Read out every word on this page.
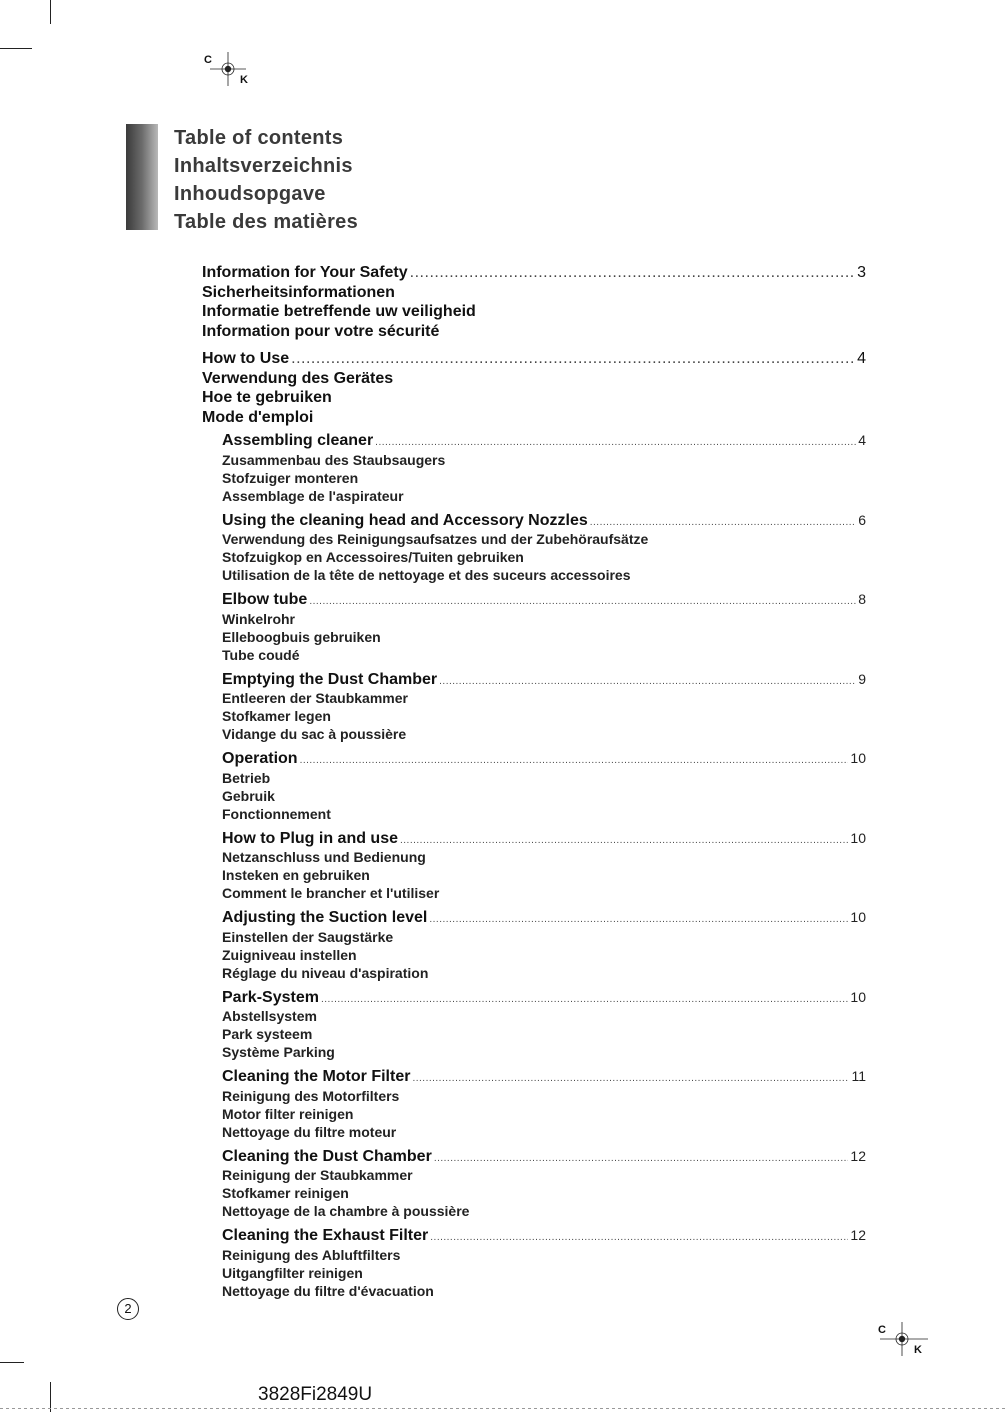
C
K
C
K
Table of contents
Inhaltsverzeichnis
Inhoudsopgave
Table des matières
Information for Your Safety .....	3
Sicherheitsinformationen
Informatie betreffende uw veiligheid
Information pour votre sécurité
How to Use .....	4
Verwendung des Gerätes
Hoe te gebruiken
Mode d'emploi
Assembling cleaner .....	4
Zusammenbau des Staubsaugers
Stofzuiger monteren
Assemblage de l'aspirateur
Using the cleaning head and Accessory Nozzles .....	6
Verwendung des Reinigungsaufsatzes und der Zubehöraufsätze
Stofzuigkop en Accessoires/Tuiten gebruiken
Utilisation de la tête de nettoyage et des suceurs accessoires
Elbow tube .....	8
Winkelrohr
Elleboogbuis gebruiken
Tube coudé
Emptying the Dust Chamber .....	9
Entleeren der Staubkammer
Stofkamer legen
Vidange du sac à poussière
Operation .....	10
Betrieb
Gebruik
Fonctionnement
How to Plug in and use .....	10
Netzanschluss und Bedienung
Insteken en gebruiken
Comment le brancher et l'utiliser
Adjusting the Suction level .....	10
Einstellen der Saugstärke
Zuigniveau instellen
Réglage du niveau d'aspiration
Park-System .....	10
Abstellsystem
Park systeem
Système Parking
Cleaning the Motor Filter .....	11
Reinigung des Motorfilters
Motor filter reinigen
Nettoyage du filtre moteur
Cleaning the Dust Chamber .....	12
Reinigung der Staubkammer
Stofkamer reinigen
Nettoyage de la chambre à poussière
Cleaning the Exhaust Filter .....	12
Reinigung des Abluftfilters
Uitgangfilter reinigen
Nettoyage du filtre d'évacuation
2
3828Fi2849U
